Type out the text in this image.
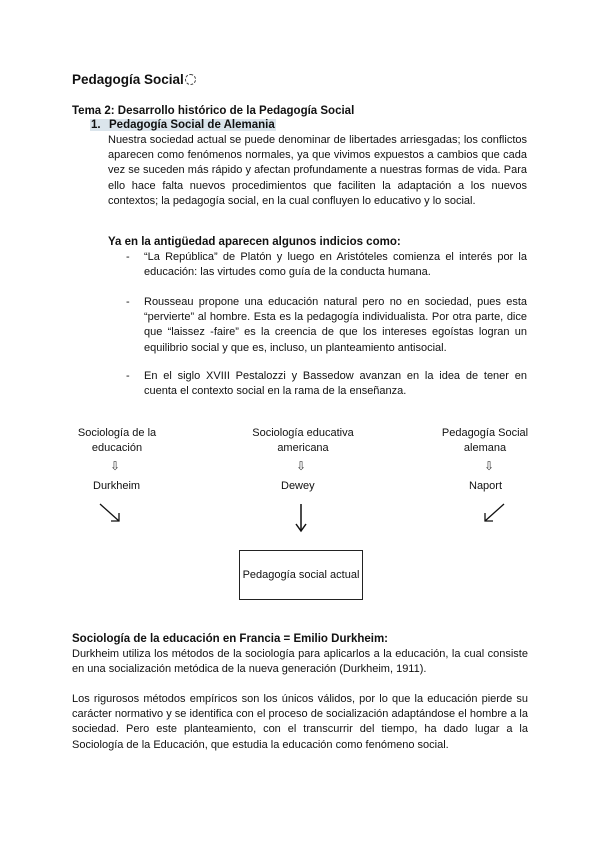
Pedagogía Social
Tema 2: Desarrollo histórico de la Pedagogía Social
1. Pedagogía Social de Alemania
Nuestra sociedad actual se puede denominar de libertades arriesgadas; los conflictos aparecen como fenómenos normales, ya que vivimos expuestos a cambios que cada vez se suceden más rápido y afectan profundamente a nuestras formas de vida. Para ello hace falta nuevos procedimientos que faciliten la adaptación a los nuevos contextos; la pedagogía social, en la cual confluyen lo educativo y lo social.
Ya en la antigüedad aparecen algunos indicios como:
- “La República” de Platón y luego en Aristóteles comienza el interés por la educación: las virtudes como guía de la conducta humana.
- Rousseau propone una educación natural pero no en sociedad, pues esta “pervierte” al hombre. Esta es la pedagogía individualista. Por otra parte, dice que “laissez -faire” es la creencia de que los intereses egoístas logran un equilibrio social y que es, incluso, un planteamiento antisocial.
- En el siglo XVIII Pestalozzi y Bassedow avanzan en la idea de tener en cuenta el contexto social en la rama de la enseñanza.
Sociología de la
educación
Sociología educativa
americana
Pedagogía Social
alemana
⇩	⇩	⇩
Durkheim	Dewey	Naport
Pedagogía social actual
Sociología de la educación en Francia = Emilio Durkheim:
Durkheim utiliza los métodos de la sociología para aplicarlos a la educación, la cual consiste en una socialización metódica de la nueva generación (Durkheim, 1911).
Los rigurosos métodos empíricos son los únicos válidos, por lo que la educación pierde su carácter normativo y se identifica con el proceso de socialización adaptándose el hombre a la sociedad. Pero este planteamiento, con el transcurrir del tiempo, ha dado lugar a la Sociología de la Educación, que estudia la educación como fenómeno social.
